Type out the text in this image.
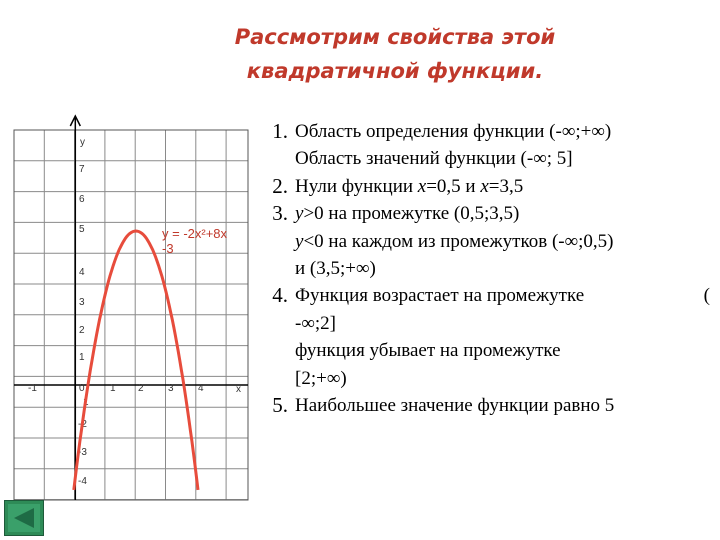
Рассмотрим свойства этой
квадратичной функции.
y
x
7
6
5
4
3
2
1
1
-2
-3
-4
-1	0	1 2 3 4
y = -2x²+8x
-3
1. Область определения функции (-∞;+∞)
Область значений функции (-∞; 5]
2. Нули функции x=0,5 и x=3,5
3. y>0 на промежутке (0,5;3,5)
y<0 на каждом из промежутков (-∞;0,5)
и (3,5;+∞)
4. Функция возрастает на промежутке	(
-∞;2]
функция убывает на промежутке
[2;+∞)
5. Наибольшее значение функции равно 5
